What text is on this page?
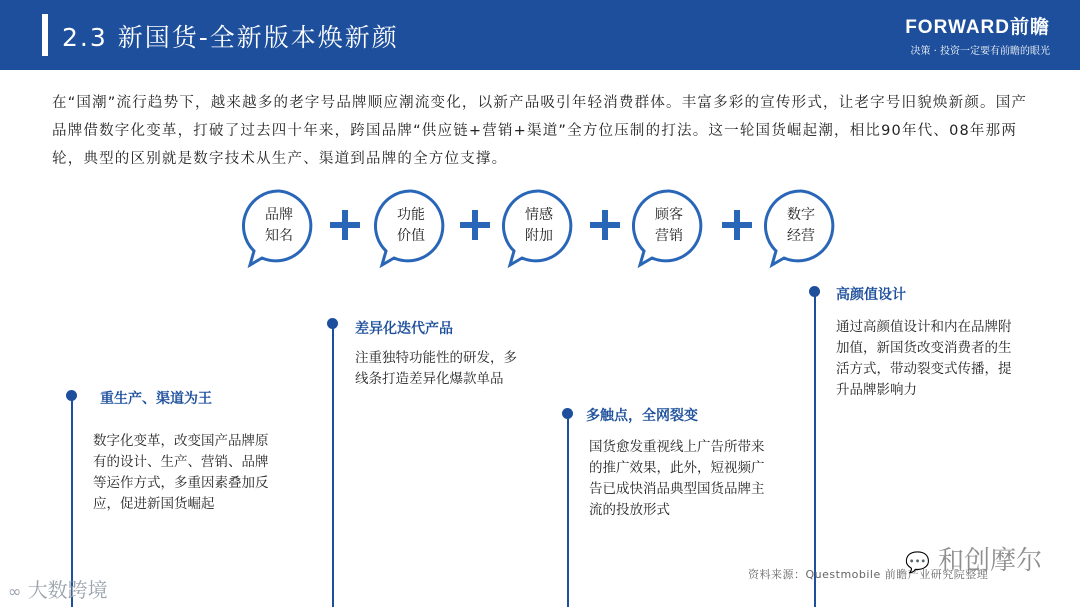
2.3 新国货-全新版本焕新颜	FORWARD前瞻
决策 · 投资一定要有前瞻的眼光
在“国潮”流行趋势下，越来越多的老字号品牌顺应潮流变化，以新产品吸引年轻消费群体。丰富多彩的宣传形式，让老字号旧貌焕新颜。国产品牌借数字化变革，打破了过去四十年来，跨国品牌“供应链+营销+渠道”全方位压制的打法。这一轮国货崛起潮，相比90年代、08年那两轮，典型的区别就是数字技术从生产、渠道到品牌的全方位支撑。
品牌
知名
功能
价值
情感
附加
顾客
营销
数字
经营
重生产、渠道为王
数字化变革，改变国产品牌原有的设计、生产、营销、品牌等运作方式，多重因素叠加反应，促进新国货崛起
差异化迭代产品
注重独特功能性的研发，多线条打造差异化爆款单品
多触点，全网裂变
国货愈发重视线上广告所带来的推广效果，此外，短视频广告已成快消品典型国货品牌主流的投放形式
高颜值设计
通过高颜值设计和内在品牌附加值，新国货改变消费者的生活方式，带动裂变式传播，提升品牌影响力
资料来源：Questmobile 前瞻产业研究院整理
∞ 大数跨境
💬 和创摩尔
